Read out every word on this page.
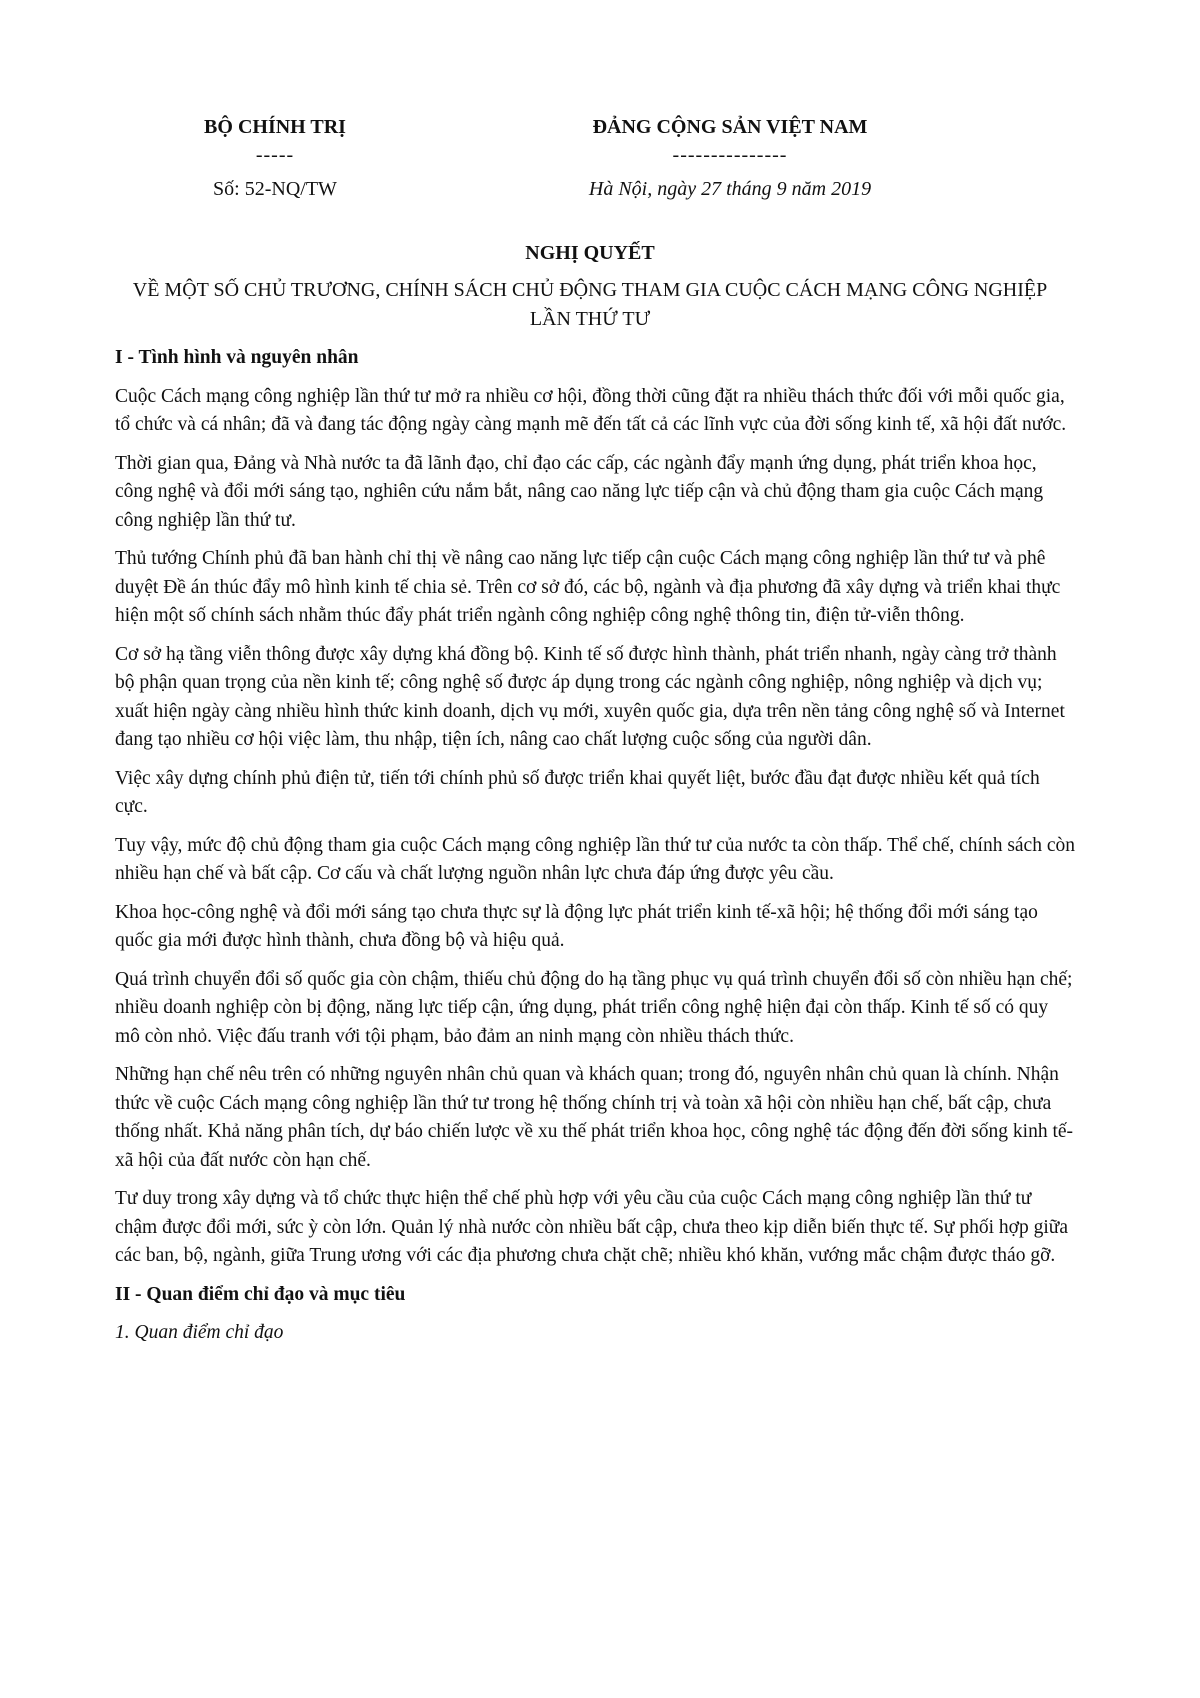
BỘ CHÍNH TRỊ
-----
Số: 52-NQ/TW
ĐẢNG CỘNG SẢN VIỆT NAM
---------------
Hà Nội, ngày 27 tháng 9 năm 2019
NGHỊ QUYẾT
VỀ MỘT SỐ CHỦ TRƯƠNG, CHÍNH SÁCH CHỦ ĐỘNG THAM GIA CUỘC CÁCH MẠNG CÔNG NGHIỆP LẦN THỨ TƯ
I - Tình hình và nguyên nhân

Cuộc Cách mạng công nghiệp lần thứ tư mở ra nhiều cơ hội, đồng thời cũng đặt ra nhiều thách thức đối với mỗi quốc gia, tổ chức và cá nhân; đã và đang tác động ngày càng mạnh mẽ đến tất cả các lĩnh vực của đời sống kinh tế, xã hội đất nước.

Thời gian qua, Đảng và Nhà nước ta đã lãnh đạo, chỉ đạo các cấp, các ngành đẩy mạnh ứng dụng, phát triển khoa học, công nghệ và đổi mới sáng tạo, nghiên cứu nắm bắt, nâng cao năng lực tiếp cận và chủ động tham gia cuộc Cách mạng công nghiệp lần thứ tư.

Thủ tướng Chính phủ đã ban hành chỉ thị về nâng cao năng lực tiếp cận cuộc Cách mạng công nghiệp lần thứ tư và phê duyệt Đề án thúc đẩy mô hình kinh tế chia sẻ. Trên cơ sở đó, các bộ, ngành và địa phương đã xây dựng và triển khai thực hiện một số chính sách nhằm thúc đẩy phát triển ngành công nghiệp công nghệ thông tin, điện tử-viễn thông.

Cơ sở hạ tầng viễn thông được xây dựng khá đồng bộ. Kinh tế số được hình thành, phát triển nhanh, ngày càng trở thành bộ phận quan trọng của nền kinh tế; công nghệ số được áp dụng trong các ngành công nghiệp, nông nghiệp và dịch vụ; xuất hiện ngày càng nhiều hình thức kinh doanh, dịch vụ mới, xuyên quốc gia, dựa trên nền tảng công nghệ số và Internet đang tạo nhiều cơ hội việc làm, thu nhập, tiện ích, nâng cao chất lượng cuộc sống của người dân.

Việc xây dựng chính phủ điện tử, tiến tới chính phủ số được triển khai quyết liệt, bước đầu đạt được nhiều kết quả tích cực.

Tuy vậy, mức độ chủ động tham gia cuộc Cách mạng công nghiệp lần thứ tư của nước ta còn thấp. Thể chế, chính sách còn nhiều hạn chế và bất cập. Cơ cấu và chất lượng nguồn nhân lực chưa đáp ứng được yêu cầu.

Khoa học-công nghệ và đổi mới sáng tạo chưa thực sự là động lực phát triển kinh tế-xã hội; hệ thống đổi mới sáng tạo quốc gia mới được hình thành, chưa đồng bộ và hiệu quả.

Quá trình chuyển đổi số quốc gia còn chậm, thiếu chủ động do hạ tầng phục vụ quá trình chuyển đổi số còn nhiều hạn chế; nhiều doanh nghiệp còn bị động, năng lực tiếp cận, ứng dụng, phát triển công nghệ hiện đại còn thấp. Kinh tế số có quy mô còn nhỏ. Việc đấu tranh với tội phạm, bảo đảm an ninh mạng còn nhiều thách thức.

Những hạn chế nêu trên có những nguyên nhân chủ quan và khách quan; trong đó, nguyên nhân chủ quan là chính. Nhận thức về cuộc Cách mạng công nghiệp lần thứ tư trong hệ thống chính trị và toàn xã hội còn nhiều hạn chế, bất cập, chưa thống nhất. Khả năng phân tích, dự báo chiến lược về xu thế phát triển khoa học, công nghệ tác động đến đời sống kinh tế-xã hội của đất nước còn hạn chế.

Tư duy trong xây dựng và tổ chức thực hiện thể chế phù hợp với yêu cầu của cuộc Cách mạng công nghiệp lần thứ tư chậm được đổi mới, sức ỳ còn lớn. Quản lý nhà nước còn nhiều bất cập, chưa theo kịp diễn biến thực tế. Sự phối hợp giữa các ban, bộ, ngành, giữa Trung ương với các địa phương chưa chặt chẽ; nhiều khó khăn, vướng mắc chậm được tháo gỡ.

II - Quan điểm chỉ đạo và mục tiêu
1. Quan điểm chỉ đạo
